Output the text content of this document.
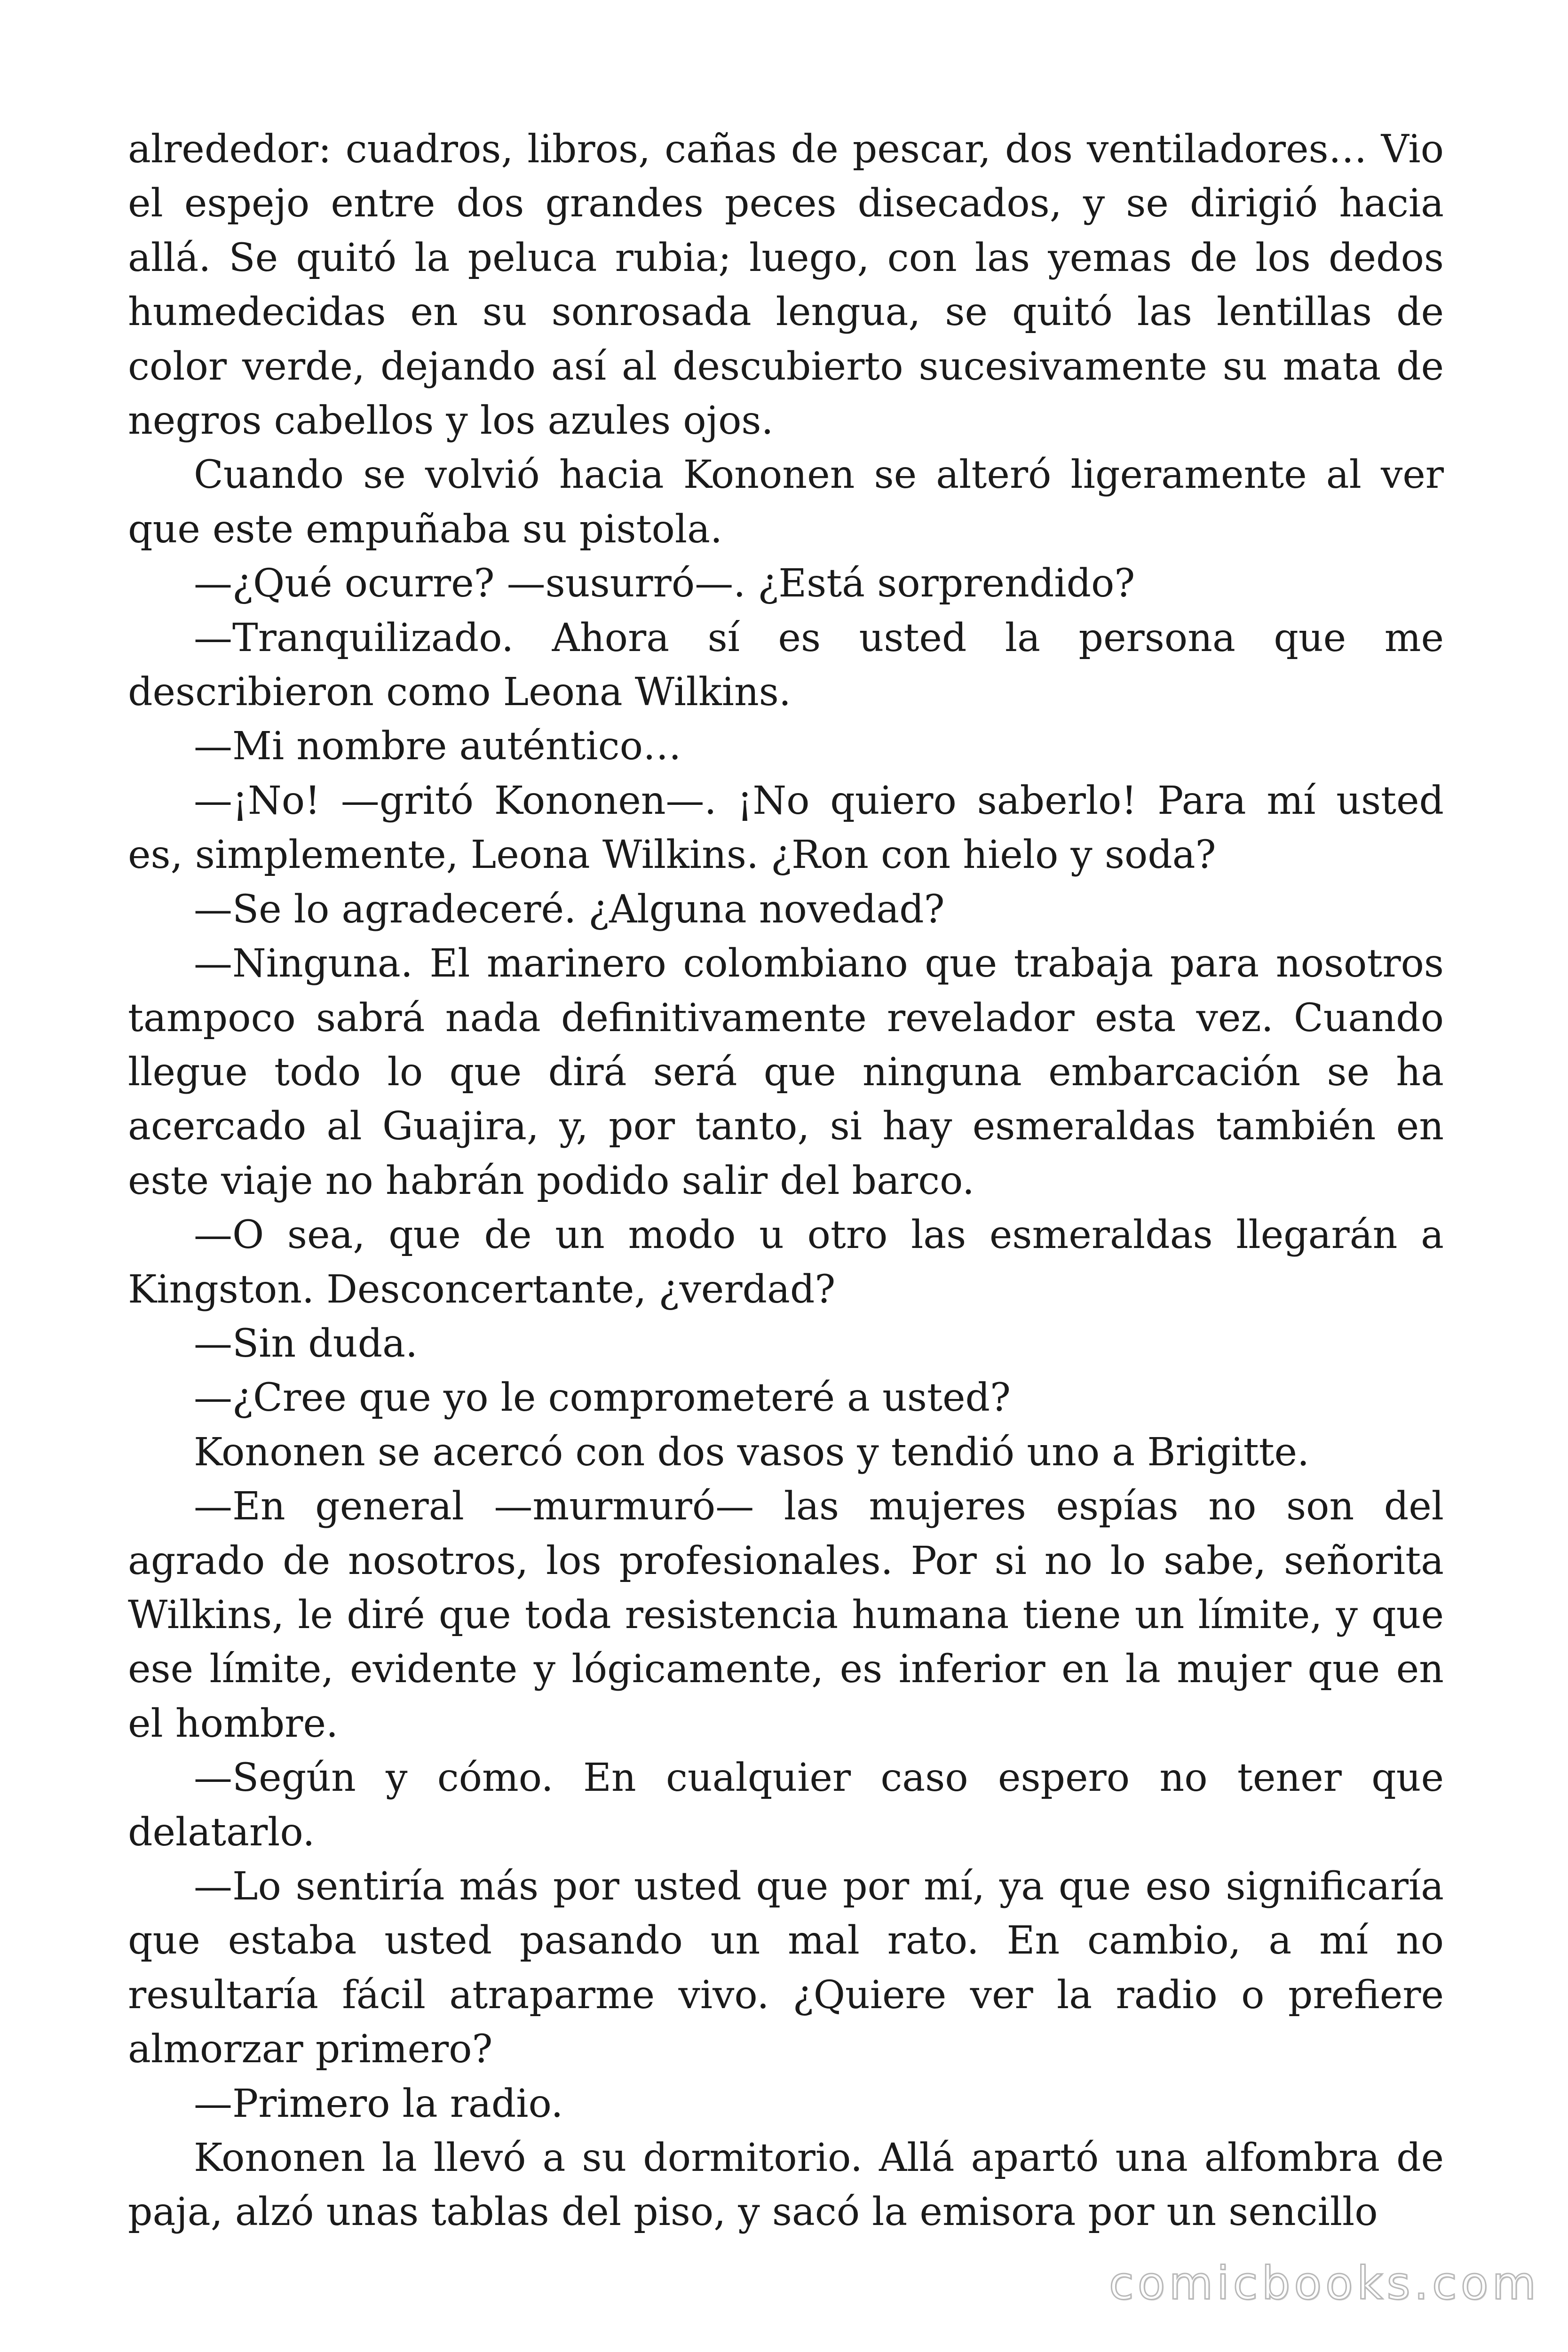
alrededor: cuadros, libros, cañas de pescar, dos ventiladores… Vio el espejo entre dos grandes peces disecados, y se dirigió hacia allá. Se quitó la peluca rubia; luego, con las yemas de los dedos humedecidas en su sonrosada lengua, se quitó las lentillas de color verde, dejando así al descubierto sucesivamente su mata de negros cabellos y los azules ojos.

Cuando se volvió hacia Kononen se alteró ligeramente al ver que este empuñaba su pistola.

—¿Qué ocurre? —susurró—. ¿Está sorprendido?

—Tranquilizado. Ahora sí es usted la persona que me describieron como Leona Wilkins.

—Mi nombre auténtico…

—¡No! —gritó Kononen—. ¡No quiero saberlo! Para mí usted es, simplemente, Leona Wilkins. ¿Ron con hielo y soda?

—Se lo agradeceré. ¿Alguna novedad?

—Ninguna. El marinero colombiano que trabaja para nosotros tampoco sabrá nada definitivamente revelador esta vez. Cuando llegue todo lo que dirá será que ninguna embarcación se ha acercado al Guajira, y, por tanto, si hay esmeraldas también en este viaje no habrán podido salir del barco.

—O sea, que de un modo u otro las esmeraldas llegarán a Kingston. Desconcertante, ¿verdad?

—Sin duda.

—¿Cree que yo le comprometeré a usted?

Kononen se acercó con dos vasos y tendió uno a Brigitte.

—En general —murmuró— las mujeres espías no son del agrado de nosotros, los profesionales. Por si no lo sabe, señorita Wilkins, le diré que toda resistencia humana tiene un límite, y que ese límite, evidente y lógicamente, es inferior en la mujer que en el hombre.

—Según y cómo. En cualquier caso espero no tener que delatarlo.

—Lo sentiría más por usted que por mí, ya que eso significaría que estaba usted pasando un mal rato. En cambio, a mí no resultaría fácil atraparme vivo. ¿Quiere ver la radio o prefiere almorzar primero?

—Primero la radio.

Kononen la llevó a su dormitorio. Allá apartó una alfombra de paja, alzó unas tablas del piso, y sacó la emisora por un sencillo

comicbooks.com
